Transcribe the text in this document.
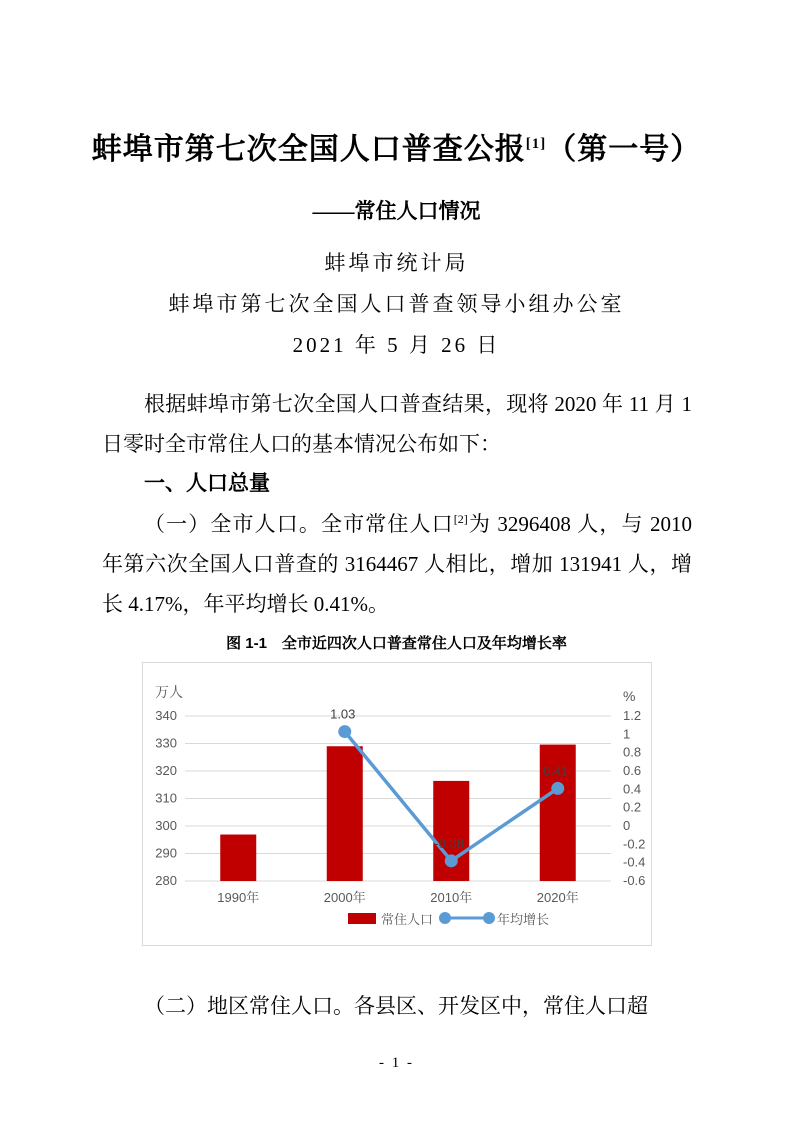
蚌埠市第七次全国人口普查公报[1]（第一号）
——常住人口情况
蚌埠市统计局
蚌埠市第七次全国人口普查领导小组办公室
2021 年 5 月 26 日

根据蚌埠市第七次全国人口普查结果，现将 2020 年 11 月 1 日零时全市常住人口的基本情况公布如下：

一、人口总量

（一）全市人口。全市常住人口[2]为 3296408 人，与 2010 年第六次全国人口普查的 3164467 人相比，增加 131941 人，增长 4.17%，年平均增长 0.41%。

图 1-1　全市近四次人口普查常住人口及年均增长率
340
330
320
310
300
290
280
1.2
1
0.8
0.6
0.4
0.2
0
-0.2
-0.4
-0.6
万人	%
1990年	2000年	2010年	2020年
1.03
-0.38
0.41
常住人口	年均增长

（二）地区常住人口。各县区、开发区中，常住人口超

- 1 -
